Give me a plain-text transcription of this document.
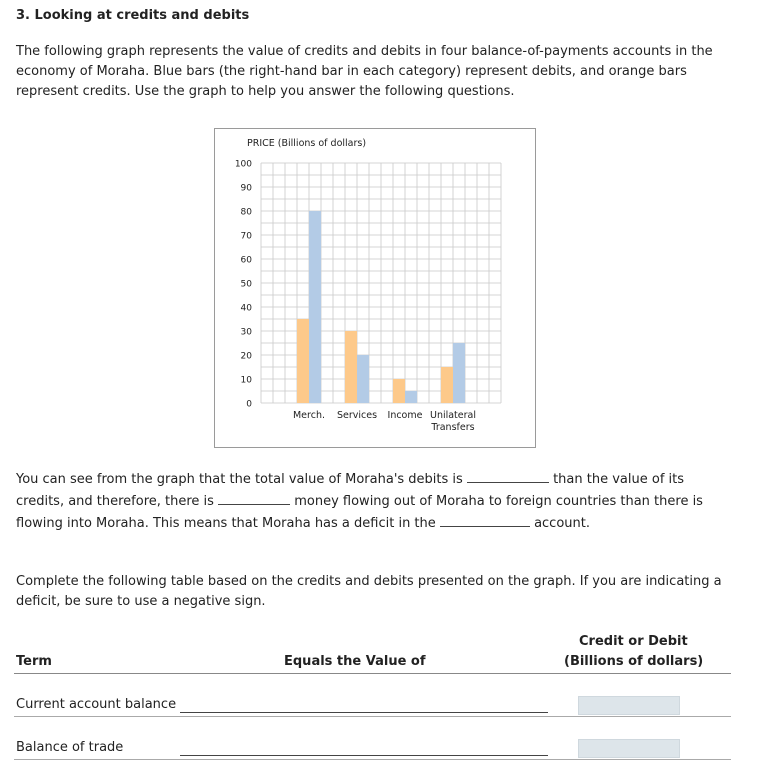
3. Looking at credits and debits
The following graph represents the value of credits and debits in four balance-of-payments accounts in the economy of Moraha. Blue bars (the right-hand bar in each category) represent debits, and orange bars represent credits. Use the graph to help you answer the following questions.
PRICE (Billions of dollars)
0
10
20
30
40
50
60
70
80
90
100
Merch. Services Income Unilateral
Transfers
You can see from the graph that the total value of Moraha's debits is	than the value of its credits, and therefore, there is	money flowing out of Moraha to foreign countries than there is flowing into Moraha. This means that Moraha has a deficit in the	account.
Complete the following table based on the credits and debits presented on the graph. If you are indicating a deficit, be sure to use a negative sign.
Term	Equals the Value of
Credit or Debit
(Billions of dollars)
Current account balance
Balance of trade
